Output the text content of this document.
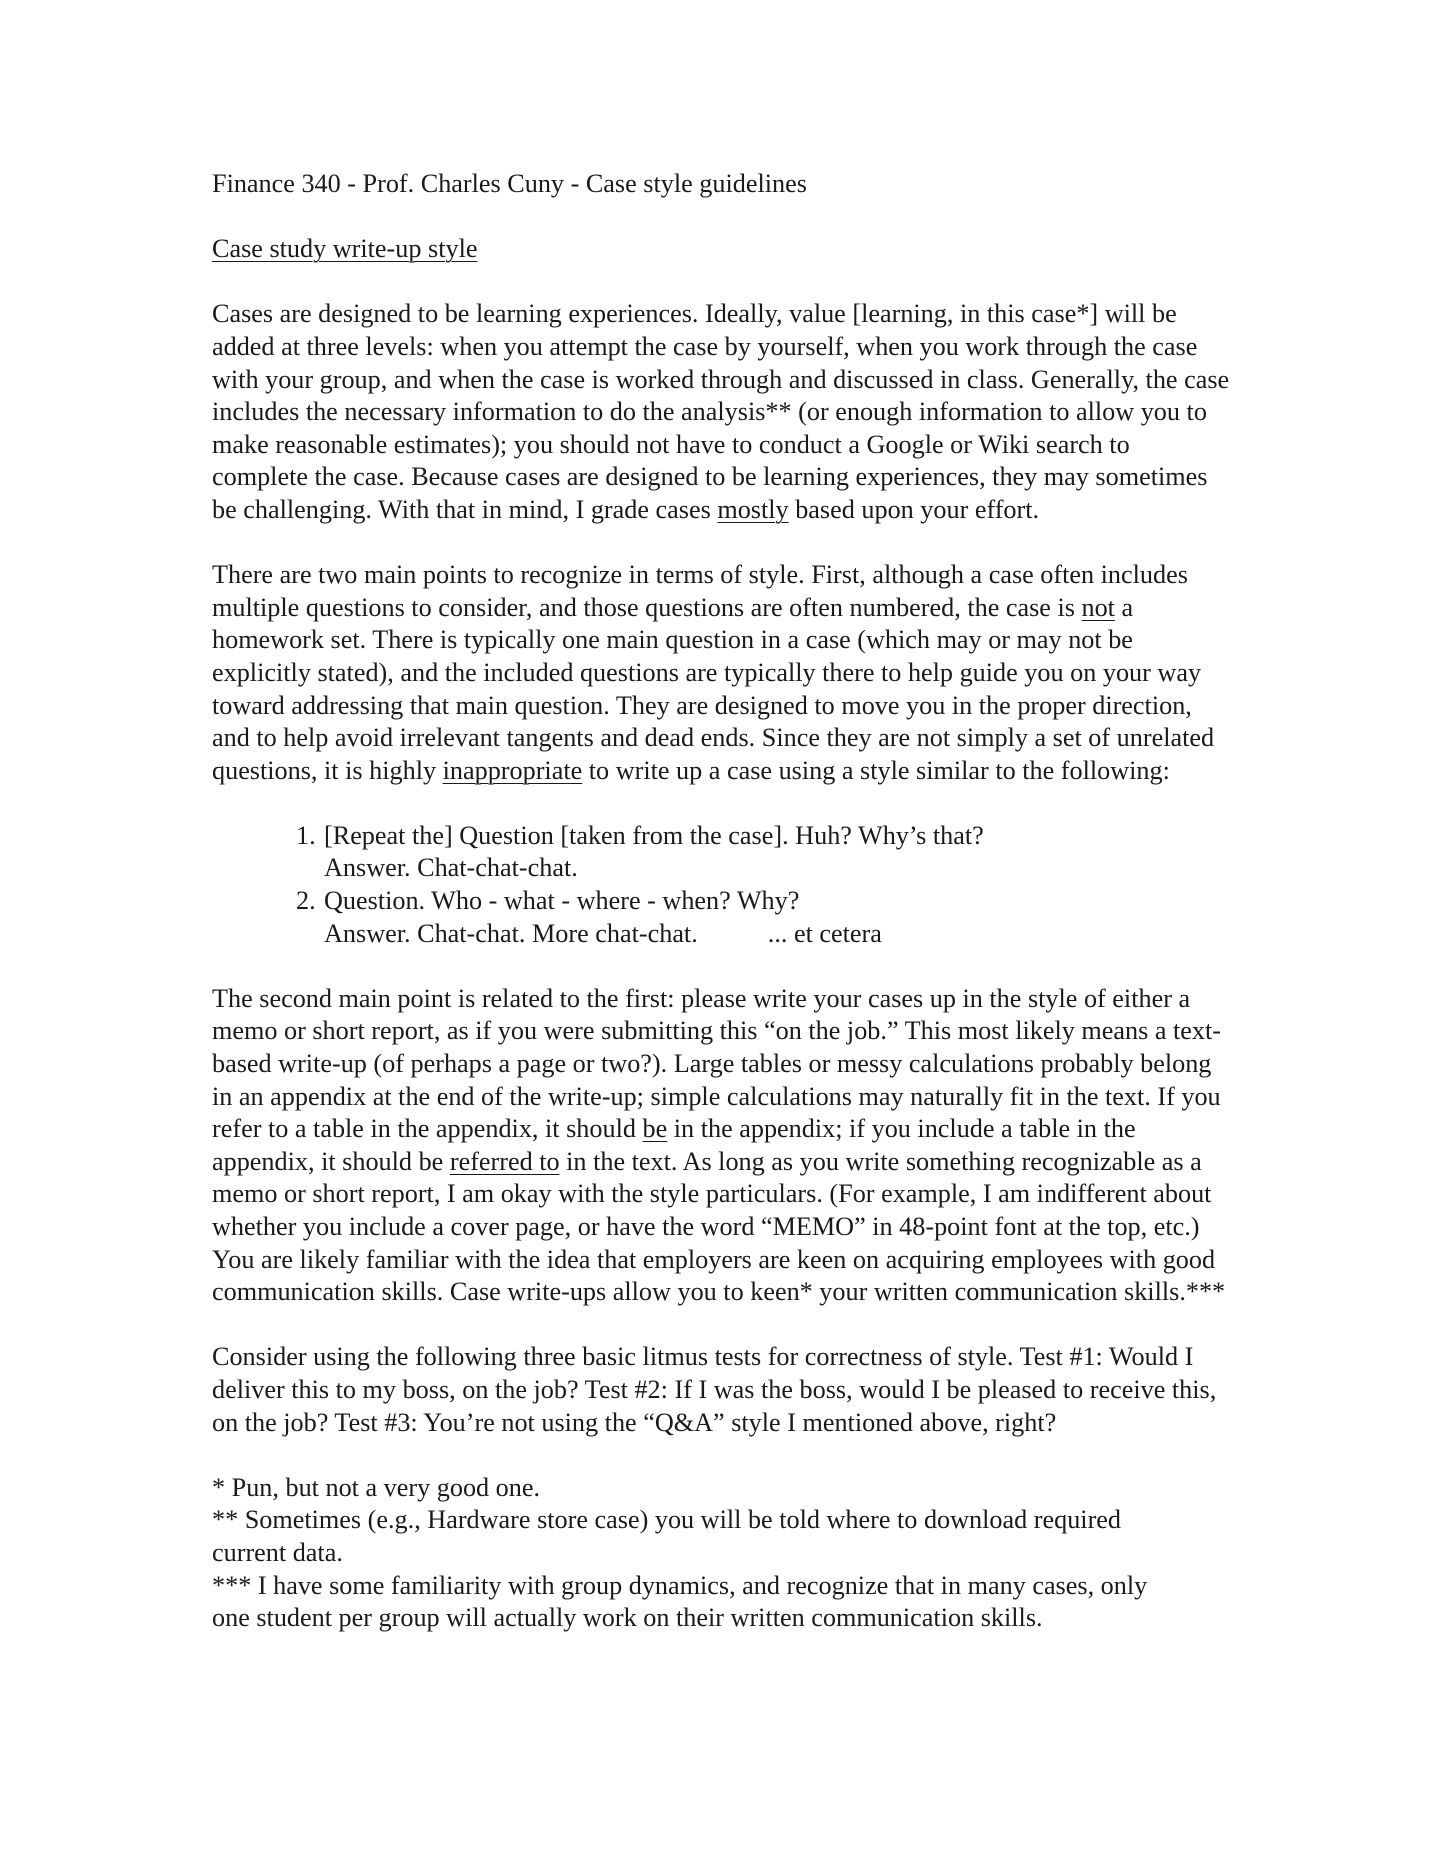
Finance 340 - Prof. Charles Cuny - Case style guidelines
Case study write-up style
Cases are designed to be learning experiences. Ideally, value [learning, in this case*] will be
added at three levels: when you attempt the case by yourself, when you work through the case
with your group, and when the case is worked through and discussed in class. Generally, the case
includes the necessary information to do the analysis** (or enough information to allow you to
make reasonable estimates); you should not have to conduct a Google or Wiki search to
complete the case. Because cases are designed to be learning experiences, they may sometimes
be challenging. With that in mind, I grade cases mostly based upon your effort.
There are two main points to recognize in terms of style. First, although a case often includes
multiple questions to consider, and those questions are often numbered, the case is not a
homework set. There is typically one main question in a case (which may or may not be
explicitly stated), and the included questions are typically there to help guide you on your way
toward addressing that main question. They are designed to move you in the proper direction,
and to help avoid irrelevant tangents and dead ends. Since they are not simply a set of unrelated
questions, it is highly inappropriate to write up a case using a style similar to the following:
1. [Repeat the] Question [taken from the case]. Huh? Why’s that?
Answer. Chat-chat-chat.
2. Question. Who - what - where - when? Why?
Answer. Chat-chat. More chat-chat.	... et cetera
The second main point is related to the first: please write your cases up in the style of either a
memo or short report, as if you were submitting this “on the job.” This most likely means a text-
based write-up (of perhaps a page or two?). Large tables or messy calculations probably belong
in an appendix at the end of the write-up; simple calculations may naturally fit in the text. If you
refer to a table in the appendix, it should be in the appendix; if you include a table in the
appendix, it should be referred to in the text. As long as you write something recognizable as a
memo or short report, I am okay with the style particulars. (For example, I am indifferent about
whether you include a cover page, or have the word “MEMO” in 48-point font at the top, etc.)
You are likely familiar with the idea that employers are keen on acquiring employees with good
communication skills. Case write-ups allow you to keen* your written communication skills.***
Consider using the following three basic litmus tests for correctness of style. Test #1: Would I
deliver this to my boss, on the job? Test #2: If I was the boss, would I be pleased to receive this,
on the job? Test #3: You’re not using the “Q&A” style I mentioned above, right?
* Pun, but not a very good one.
** Sometimes (e.g., Hardware store case) you will be told where to download required
current data.
*** I have some familiarity with group dynamics, and recognize that in many cases, only
one student per group will actually work on their written communication skills.
